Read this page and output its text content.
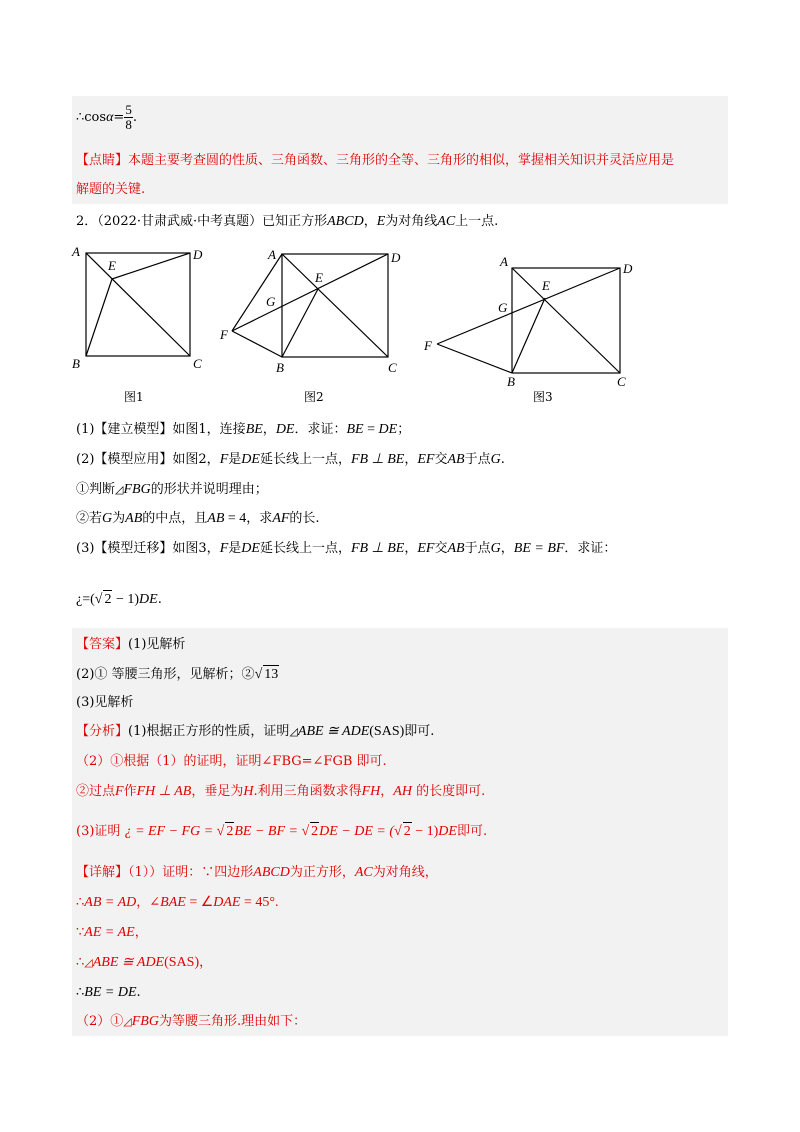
∴cosα= $\frac{5}{8}$ .
【点睛】本题主要考查圆的性质、三角函数、三角形的全等、三角形的相似，掌握相关知识并灵活应用是
解题的关键.
2．（2022·甘肃武威·中考真题）已知正方形ABCD，E为对角线AC上一点.
A	D
E
B	C
A	D
E
G
F
B	C
A	D
E
G
F
B	C
图1	图2	图3
(1)【建立模型】如图1，连接BE，DE．求证：BE = DE；
(2)【模型应用】如图2，F是DE延长线上一点，FB ⊥ BE，EF交AB于点G.
①判断◿FBG的形状并说明理由；
②若G为AB的中点，且AB = 4，求AF的长.
(3)【模型迁移】如图3，F是DE延长线上一点，FB ⊥ BE，EF交AB于点G，BE = BF．求证：
¿=(√ 2 − 1)DE.
【答案】(1)见解析
(2)① 等腰三角形，见解析；②√ 13
(3)见解析
【分析】(1)根据正方形的性质，证明◿ABE ≅ ADE(SAS)即可.
（2）①根据（1）的证明，证明∠FBG=∠FGB 即可.
②过点F作FH ⊥ AB，垂足为H.利用三角函数求得FH，AH 的长度即可.
(3)证明 ¿ = EF − FG = √ 2BE − BF = √ 2DE − DE = (√ 2 − 1)DE即可.
【详解】（1））证明：∵四边形ABCD为正方形，AC为对角线，
∴AB = AD，∠BAE = ∠DAE = 45°.
∵AE = AE，
∴◿ABE ≅ ADE(SAS)，
∴BE = DE.
（2）①◿FBG为等腰三角形.理由如下：
